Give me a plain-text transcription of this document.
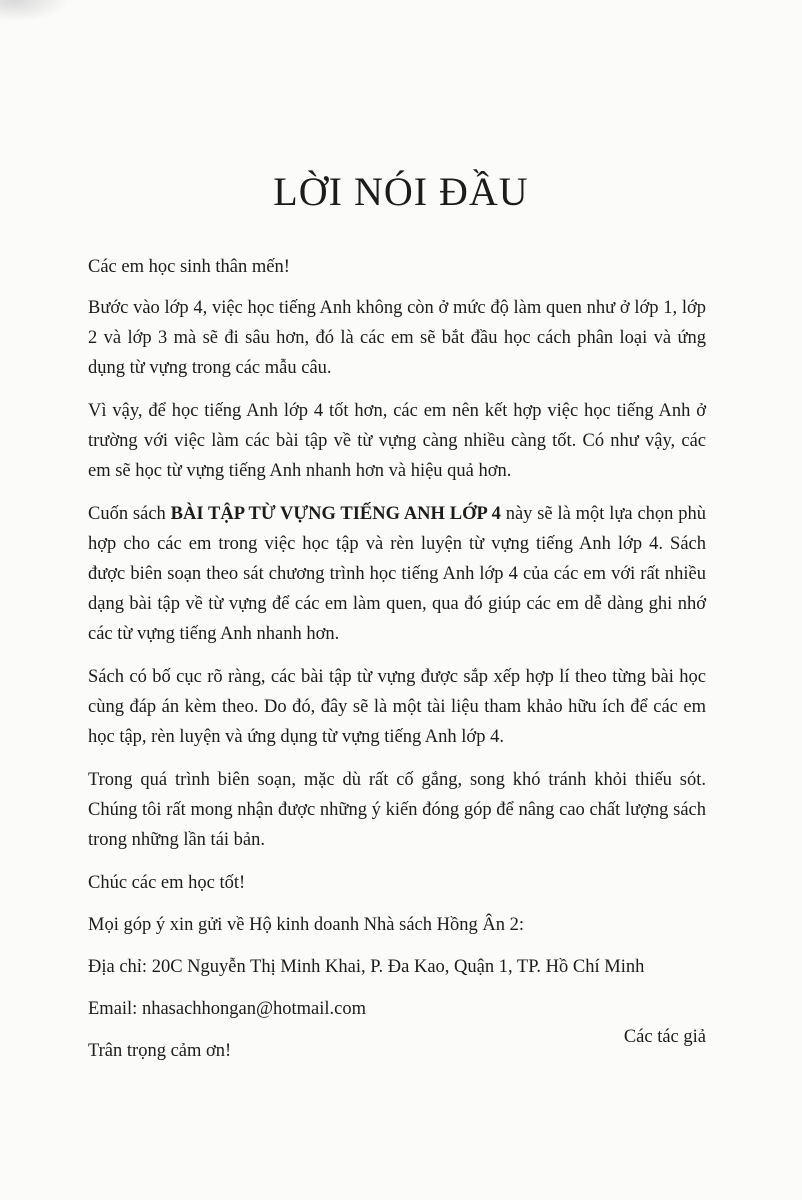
LỜI NÓI ĐẦU

Các em học sinh thân mến!

Bước vào lớp 4, việc học tiếng Anh không còn ở mức độ làm quen như ở lớp 1, lớp 2 và lớp 3 mà sẽ đi sâu hơn, đó là các em sẽ bắt đầu học cách phân loại và ứng dụng từ vựng trong các mẫu câu.

Vì vậy, để học tiếng Anh lớp 4 tốt hơn, các em nên kết hợp việc học tiếng Anh ở trường với việc làm các bài tập về từ vựng càng nhiều càng tốt. Có như vậy, các em sẽ học từ vựng tiếng Anh nhanh hơn và hiệu quả hơn.

Cuốn sách BÀI TẬP TỪ VỰNG TIẾNG ANH LỚP 4 này sẽ là một lựa chọn phù hợp cho các em trong việc học tập và rèn luyện từ vựng tiếng Anh lớp 4. Sách được biên soạn theo sát chương trình học tiếng Anh lớp 4 của các em với rất nhiều dạng bài tập về từ vựng để các em làm quen, qua đó giúp các em dễ dàng ghi nhớ các từ vựng tiếng Anh nhanh hơn.

Sách có bố cục rõ ràng, các bài tập từ vựng được sắp xếp hợp lí theo từng bài học cùng đáp án kèm theo. Do đó, đây sẽ là một tài liệu tham khảo hữu ích để các em học tập, rèn luyện và ứng dụng từ vựng tiếng Anh lớp 4.

Trong quá trình biên soạn, mặc dù rất cố gắng, song khó tránh khỏi thiếu sót. Chúng tôi rất mong nhận được những ý kiến đóng góp để nâng cao chất lượng sách trong những lần tái bản.

Chúc các em học tốt!

Mọi góp ý xin gửi về Hộ kinh doanh Nhà sách Hồng Ân 2:

Địa chỉ: 20C Nguyễn Thị Minh Khai, P. Đa Kao, Quận 1, TP. Hồ Chí Minh

Email: nhasachhongan@hotmail.com

Trân trọng cảm ơn!

Các tác giả
